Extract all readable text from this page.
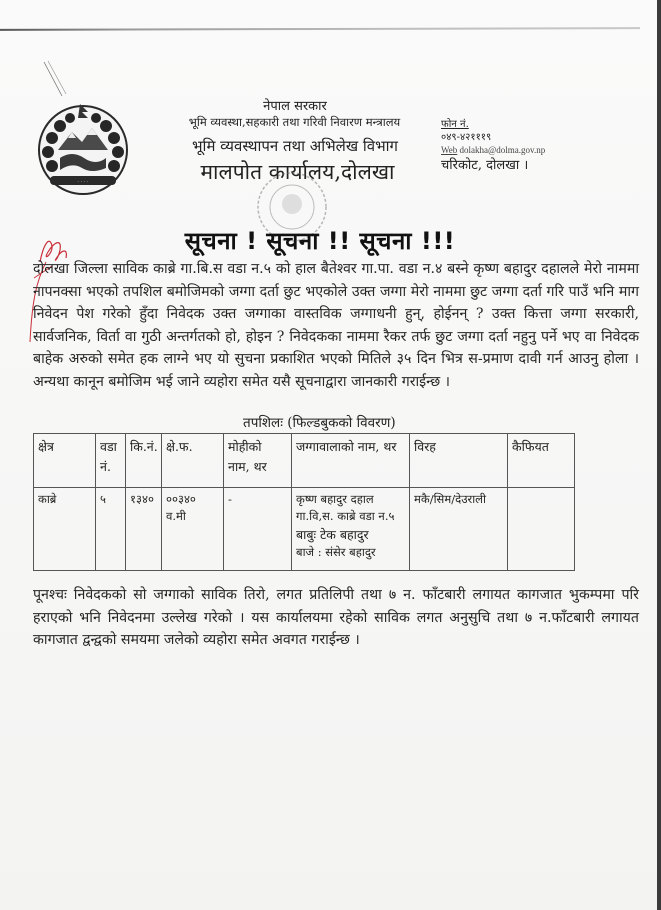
· · · ·
नेपाल सरकार
भूमि व्यवस्था,सहकारी तथा गरिवी निवारण मन्त्रालय
भूमि व्यवस्थापन तथा अभिलेख विभाग
मालपोत कार्यालय,दोलखा
फोन नं.
०४९-४२१११९
Web dolakha@dolma.gov.np
चरिकोट, दोलखा ।
सूचना ! सूचना !! सूचना !!!
दोलखा जिल्ला साविक काब्रे गा.बि.स वडा न.५ को हाल बैतेश्वर गा.पा. वडा न.४ बस्ने कृष्ण बहादुर दहालले मेरो नाममा नापनक्सा भएको तपशिल बमोजिमको जग्गा दर्ता छुट भएकोले उक्त जग्गा मेरो नाममा छुट जग्गा दर्ता गरि पाउँ भनि माग निवेदन पेश गरेको हुँदा निवेदक उक्त जग्गाका वास्तविक जग्गाधनी हुन्, होईनन् ? उक्त कित्ता जग्गा सरकारी, सार्वजनिक, विर्ता वा गुठी अन्तर्गतको हो, होइन ? निवेदकका नाममा रैकर तर्फ छुट जग्गा दर्ता नहुनु पर्ने भए वा निवेदक बाहेक अरुको समेत हक लाग्ने भए यो सुचना प्रकाशित भएको मितिले ३५ दिन भित्र स-प्रमाण दावी गर्न आउनु होला । अन्यथा कानून बमोजिम भई जाने व्यहोरा समेत यसै सूचनाद्वारा जानकारी गराईन्छ ।
तपशिलः (फिल्डबुकको विवरण)
क्षेत्र	वडा नं.	कि.नं.	क्षे.फ.	मोहीको नाम, थर	जग्गावालाको नाम, थर	विरह	कैफियत
काब्रे	५	१३४०	००३४० व.मी	-	कृष्ण बहादुर दहाल
गा.वि,स. काब्रे वडा न.५
बाबुः टेक बहादुर
बाजे : संसेर बहादुर	मकै/सिम/देउराली	
पूनश्चः निवेदकको सो जग्गाको साविक तिरो, लगत प्रतिलिपी तथा ७ न. फाँटबारी लगायत कागजात भुकम्पमा परि हराएको भनि निवेदनमा उल्लेख गरेको । यस कार्यालयमा रहेको साविक लगत अनुसुचि तथा ७ न.फाँटबारी लगायत कागजात द्वन्द्वको समयमा जलेको व्यहोरा समेत अवगत गराईन्छ ।
